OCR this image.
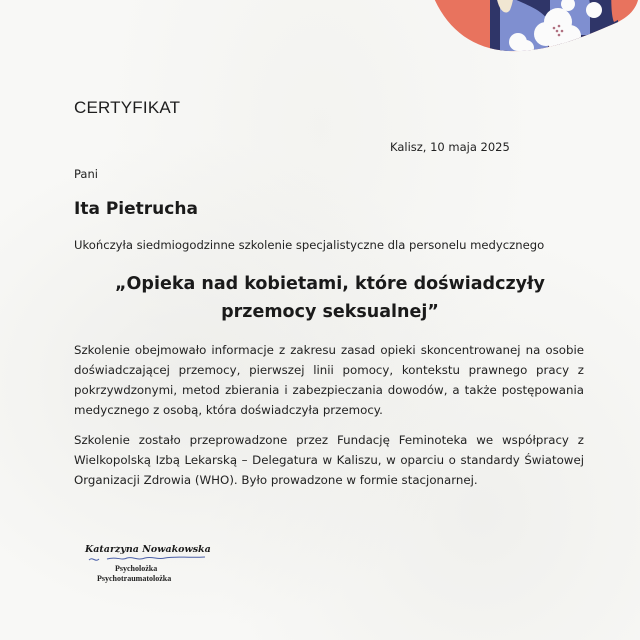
CERTYFIKAT
Kalisz, 10 maja 2025
Pani
Ita Pietrucha
Ukończyła siedmiogodzinne szkolenie specjalistyczne dla personelu medycznego
„Opieka nad kobietami, które doświadczyły przemocy seksualnej”
Szkolenie obejmowało informacje z zakresu zasad opieki skoncentrowanej na osobie doświadczającej przemocy, pierwszej linii pomocy, kontekstu prawnego pracy z pokrzywdzonymi, metod zbierania i zabezpieczania dowodów, a także postępowania medycznego z osobą, która doświadczyła przemocy.
Szkolenie zostało przeprowadzone przez Fundację Feminoteka we współpracy z Wielkopolską Izbą Lekarską – Delegatura w Kaliszu, w oparciu o standardy Światowej Organizacji Zdrowia (WHO). Było prowadzone w formie stacjonarnej.
Katarzyna Nowakowska
Psycholożka
Psychotraumatolożka
